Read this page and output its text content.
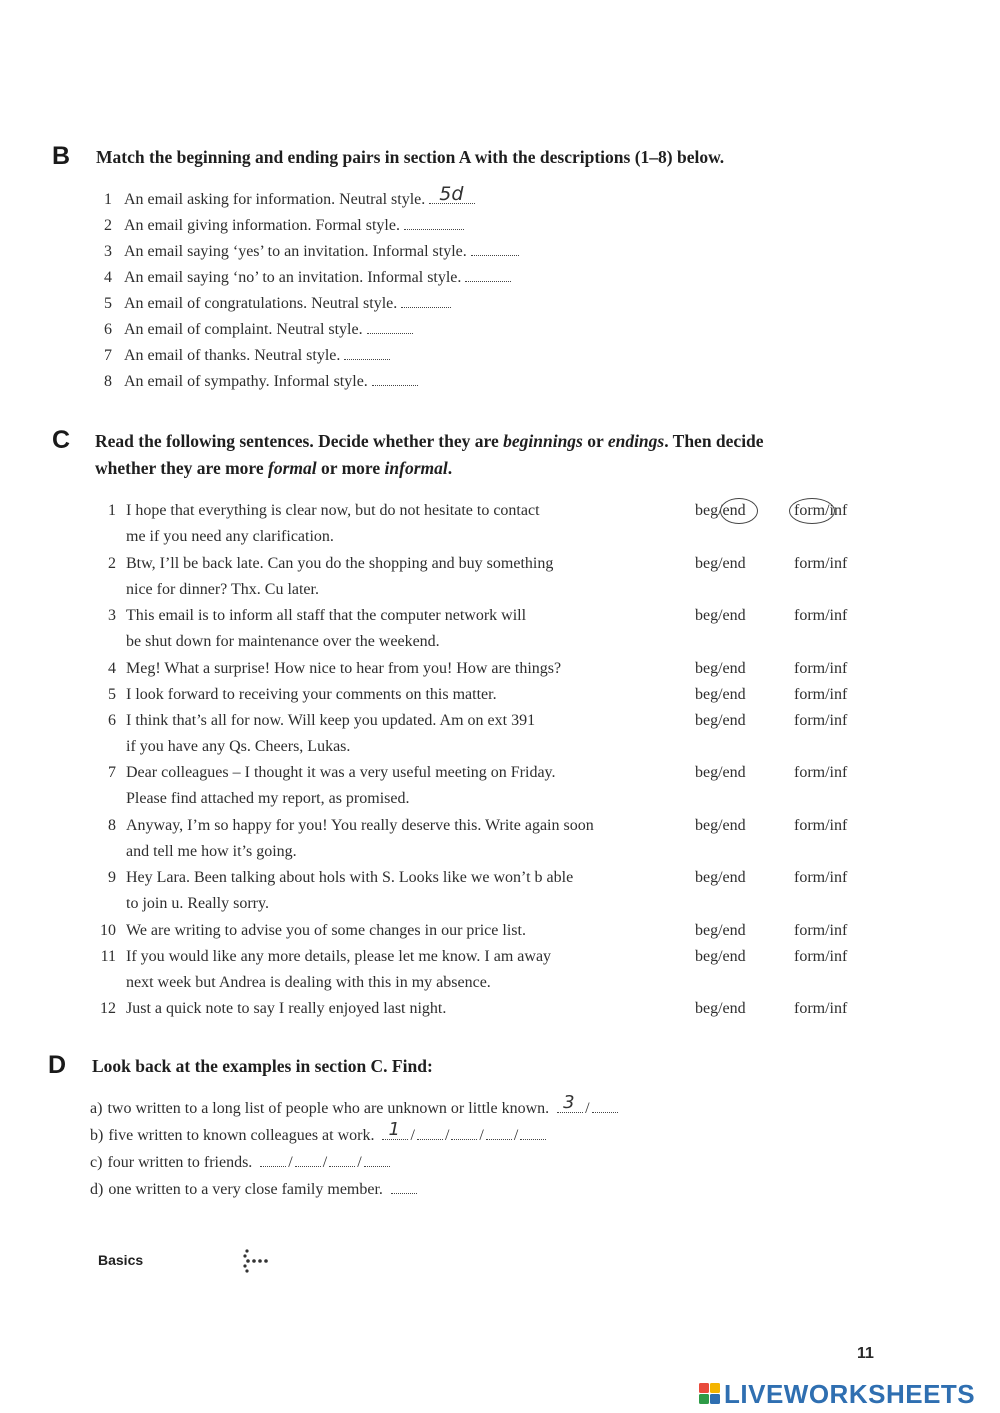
B Match the beginning and ending pairs in section A with the descriptions (1–8) below.
1 An email asking for information. Neutral style. 5d
2 An email giving information. Formal style.
3 An email saying ‘yes’ to an invitation. Informal style.
4 An email saying ‘no’ to an invitation. Informal style.
5 An email of congratulations. Neutral style.
6 An email of complaint. Neutral style.
7 An email of thanks. Neutral style.
8 An email of sympathy. Informal style.
C Read the following sentences. Decide whether they are beginnings or endings. Then decide
whether they are more formal or more informal.
1 I hope that everything is clear now, but do not hesitate to contact
me if you need any clarification.
beg/end	form/inf
2 Btw, I’ll be back late. Can you do the shopping and buy something
nice for dinner? Thx. Cu later.
beg/end	form/inf
3 This email is to inform all staff that the computer network will
be shut down for maintenance over the weekend.
beg/end	form/inf
4 Meg! What a surprise! How nice to hear from you! How are things?	beg/end	form/inf
5 I look forward to receiving your comments on this matter.	beg/end	form/inf
6 I think that’s all for now. Will keep you updated. Am on ext 391
if you have any Qs. Cheers, Lukas.
beg/end	form/inf
7 Dear colleagues – I thought it was a very useful meeting on Friday.
Please find attached my report, as promised.
beg/end	form/inf
8 Anyway, I’m so happy for you! You really deserve this. Write again soon
and tell me how it’s going.
beg/end	form/inf
9 Hey Lara. Been talking about hols with S. Looks like we won’t b able
to join u. Really sorry.
beg/end	form/inf
10 We are writing to advise you of some changes in our price list.	beg/end	form/inf
11 If you would like any more details, please let me know. I am away
next week but Andrea is dealing with this in my absence.
beg/end	form/inf
12 Just a quick note to say I really enjoyed last night.	beg/end	form/inf
D Look back at the examples in section C. Find:
a) two written to a long list of people who are unknown or little known. 3 /
b) five written to known colleagues at work. 1 / / / /
c) four written to friends. / / /
d) one written to a very close family member.
Basics
11
LIVEWORKSHEETS
